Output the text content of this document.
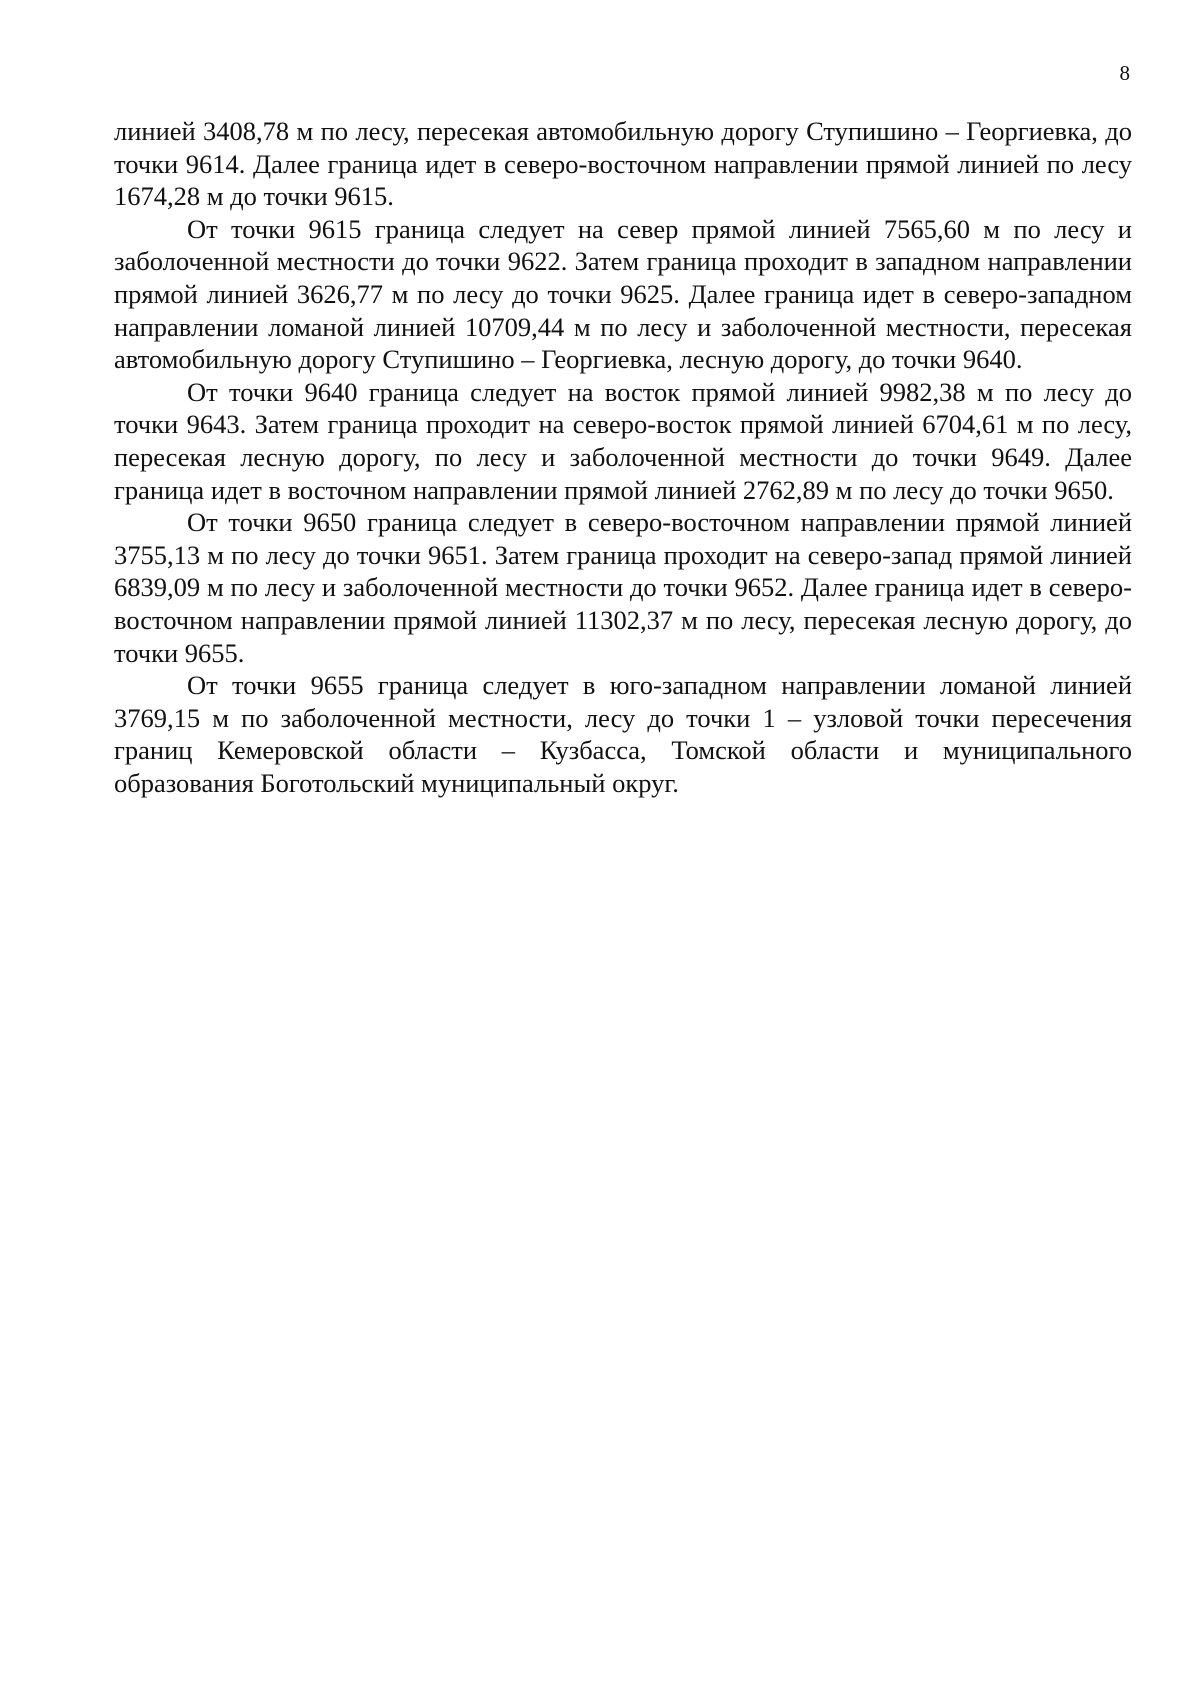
8

линией 3408,78 м по лесу, пересекая автомобильную дорогу Ступишино – Георгиевка, до точки 9614. Далее граница идет в северо-восточном направлении прямой линией по лесу 1674,28 м до точки 9615.

От точки 9615 граница следует на север прямой линией 7565,60 м по лесу и заболоченной местности до точки 9622. Затем граница проходит в западном направлении прямой линией 3626,77 м по лесу до точки 9625. Далее граница идет в северо-западном направлении ломаной линией 10709,44 м по лесу и заболоченной местности, пересекая автомобильную дорогу Ступишино – Георгиевка, лесную дорогу, до точки 9640.

От точки 9640 граница следует на восток прямой линией 9982,38 м по лесу до точки 9643. Затем граница проходит на северо-восток прямой линией 6704,61 м по лесу, пересекая лесную дорогу, по лесу и заболоченной местности до точки 9649. Далее граница идет в восточном направлении прямой линией 2762,89 м по лесу до точки 9650.

От точки 9650 граница следует в северо-восточном направлении прямой линией 3755,13 м по лесу до точки 9651. Затем граница проходит на северо-запад прямой линией 6839,09 м по лесу и заболоченной местности до точки 9652. Далее граница идет в северо-восточном направлении прямой линией 11302,37 м по лесу, пересекая лесную дорогу, до точки 9655.

От точки 9655 граница следует в юго-западном направлении ломаной линией 3769,15 м по заболоченной местности, лесу до точки 1 – узловой точки пересечения границ Кемеровской области – Кузбасса, Томской области и муниципального образования Боготольский муниципальный округ.
